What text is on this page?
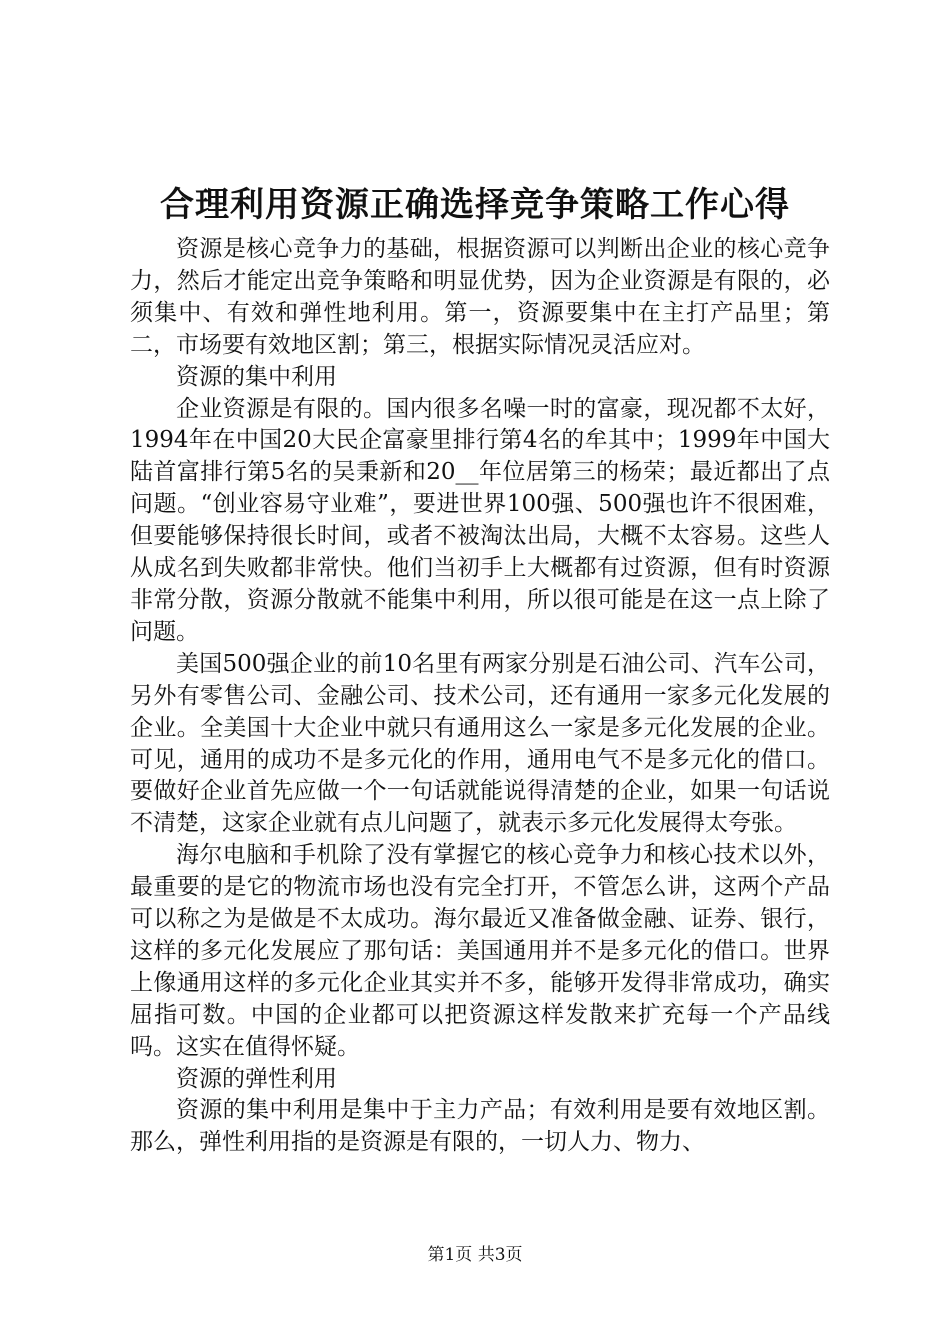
合理利用资源正确选择竞争策略工作心得

资源是核心竞争力的基础，根据资源可以判断出企业的核心竞争力，然后才能定出竞争策略和明显优势，因为企业资源是有限的，必须集中、有效和弹性地利用。第一，资源要集中在主打产品里；第二，市场要有效地区割；第三，根据实际情况灵活应对。

资源的集中利用

企业资源是有限的。国内很多名噪一时的富豪，现况都不太好，1994年在中国20大民企富豪里排行第4名的牟其中；1999年中国大陆首富排行第5名的吴秉新和20__年位居第三的杨荣；最近都出了点问题。“创业容易守业难”，要进世界100强、500强也许不很困难，但要能够保持很长时间，或者不被淘汰出局，大概不太容易。这些人从成名到失败都非常快。他们当初手上大概都有过资源，但有时资源非常分散，资源分散就不能集中利用，所以很可能是在这一点上除了问题。

美国500强企业的前10名里有两家分别是石油公司、汽车公司，另外有零售公司、金融公司、技术公司，还有通用一家多元化发展的企业。全美国十大企业中就只有通用这么一家是多元化发展的企业。可见，通用的成功不是多元化的作用，通用电气不是多元化的借口。要做好企业首先应做一个一句话就能说得清楚的企业，如果一句话说不清楚，这家企业就有点儿问题了，就表示多元化发展得太夸张。

海尔电脑和手机除了没有掌握它的核心竞争力和核心技术以外，最重要的是它的物流市场也没有完全打开，不管怎么讲，这两个产品可以称之为是做是不太成功。海尔最近又准备做金融、证券、银行，这样的多元化发展应了那句话：美国通用并不是多元化的借口。世界上像通用这样的多元化企业其实并不多，能够开发得非常成功，确实屈指可数。中国的企业都可以把资源这样发散来扩充每一个产品线吗。这实在值得怀疑。

资源的弹性利用

资源的集中利用是集中于主力产品；有效利用是要有效地区割。那么，弹性利用指的是资源是有限的，一切人力、物力、

第1页 共3页
